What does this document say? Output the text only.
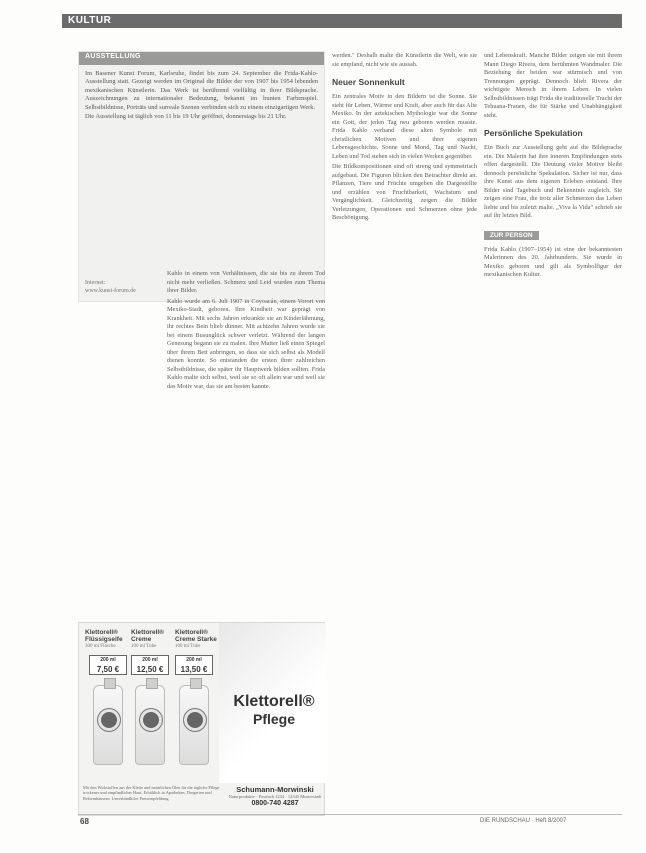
KULTUR
AUSSTELLUNG

Im Basener Kunst Forum, Karlsruhe, findet bis zum 24. September die Frida-Kahlo-Ausstellung statt. Gezeigt werden im Original die Bilder der von 1907 bis 1954 lebenden mexikanischen Künstlerin. Das Werk ist berührend vielfältig in ihrer Bildsprache. Auszeichnungen zu internationaler Bedeutung, bekannt im bunten Farbenspiel. Selbstbildnisse, Porträts und surreale Szenen verbinden sich zu einem einzigartigen Werk.

Die Ausstellung ist täglich von 11 bis 19 Uhr geöffnet, donnerstags bis 21 Uhr.

Internet:
www.kunst-forum.de

Kahlo in einem von Verhältnissen, die sie bis zu ihrem Tod nicht mehr verließen. Schmerz und Leid wurden zum Thema ihrer Bilder.

Kahlo wurde am 6. Juli 1907 in Coyoacán, einem Vorort von Mexiko-Stadt, geboren. Ihre Kindheit war geprägt von Krankheit. Mit sechs Jahren erkrankte sie an Kinderlähmung, ihr rechtes Bein blieb dünner. Mit achtzehn Jahren wurde sie bei einem Busunglück schwer verletzt. Während der langen Genesung begann sie zu malen. Ihre Mutter ließ einen Spiegel über ihrem Bett anbringen, so dass sie sich selbst als Modell dienen konnte. So entstanden die ersten ihrer zahlreichen Selbstbildnisse, die später ihr Hauptwerk bilden sollten. Frida Kahlo malte sich selbst, weil sie so oft allein war und weil sie das Motiv war, das sie am besten kannte.

werden." Deshalb malte die Künstlerin die Welt, wie sie sie empfand, nicht wie sie aussah.

Neuer Sonnenkult

Ein zentrales Motiv in den Bildern ist die Sonne. Sie steht für Leben, Wärme und Kraft, aber auch für das Alte Mexiko. In der aztekischen Mythologie war die Sonne ein Gott, der jeden Tag neu geboren werden musste. Frida Kahlo verband diese alten Symbole mit christlichen Motiven und ihrer eigenen Lebensgeschichte. Sonne und Mond, Tag und Nacht, Leben und Tod stehen sich in vielen Werken gegenüber.

Die Bildkompositionen sind oft streng und symmetrisch aufgebaut. Die Figuren blicken den Betrachter direkt an. Pflanzen, Tiere und Früchte umgeben die Dargestellte und erzählen von Fruchtbarkeit, Wachstum und Vergänglichkeit. Gleichzeitig zeigen die Bilder Verletzungen, Operationen und Schmerzen ohne jede Beschönigung.

und Lebenskraft. Manche Bilder zeigen sie mit ihrem Mann Diego Rivera, dem berühmten Wandmaler. Die Beziehung der beiden war stürmisch und von Trennungen geprägt. Dennoch blieb Rivera der wichtigste Mensch in ihrem Leben. In vielen Selbstbildnissen trägt Frida die traditionelle Tracht der Tehuana-Frauen, die für Stärke und Unabhängigkeit steht.

Persönliche Spekulation

Ein Buch zur Ausstellung geht auf die Bildsprache ein. Die Malerin hat ihre inneren Empfindungen stets offen dargestellt. Die Deutung vieler Motive bleibt dennoch persönliche Spekulation. Sicher ist nur, dass ihre Kunst aus dem eigenen Erleben entstand. Ihre Bilder sind Tagebuch und Bekenntnis zugleich. Sie zeigen eine Frau, die trotz aller Schmerzen das Leben liebte und bis zuletzt malte. „Viva la Vida“ schrieb sie auf ihr letztes Bild.

ZUR PERSON

Frida Kahlo (1907–1954) ist eine der bekanntesten Malerinnen des 20. Jahrhunderts. Sie wurde in Mexiko geboren und gilt als Symbolfigur der mexikanischen Kultur.

Klettorell® Flüssigseife
300 ml Flasche
200 ml
7,50 €
Klettorell® Creme
100 ml Tube
200 ml
12,50 €
Klettorell® Creme Starke
100 ml Tube
200 ml
13,50 €
Klettorell®
Pflege
Mit den Wirkstoffen aus der Klette und natürlichen Ölen für die tägliche Pflege trockener und empfindlicher Haut. Erhältlich in Apotheken, Drogerien und Reformhäusern. Unverbindliche Preisempfehlung.
Schumann-Morwinski
Naturprodukte · Postfach 1234 · 12345 Musterstadt
0800-740 4287
68	DIE RUNDSCHAU · Heft 8/2007
